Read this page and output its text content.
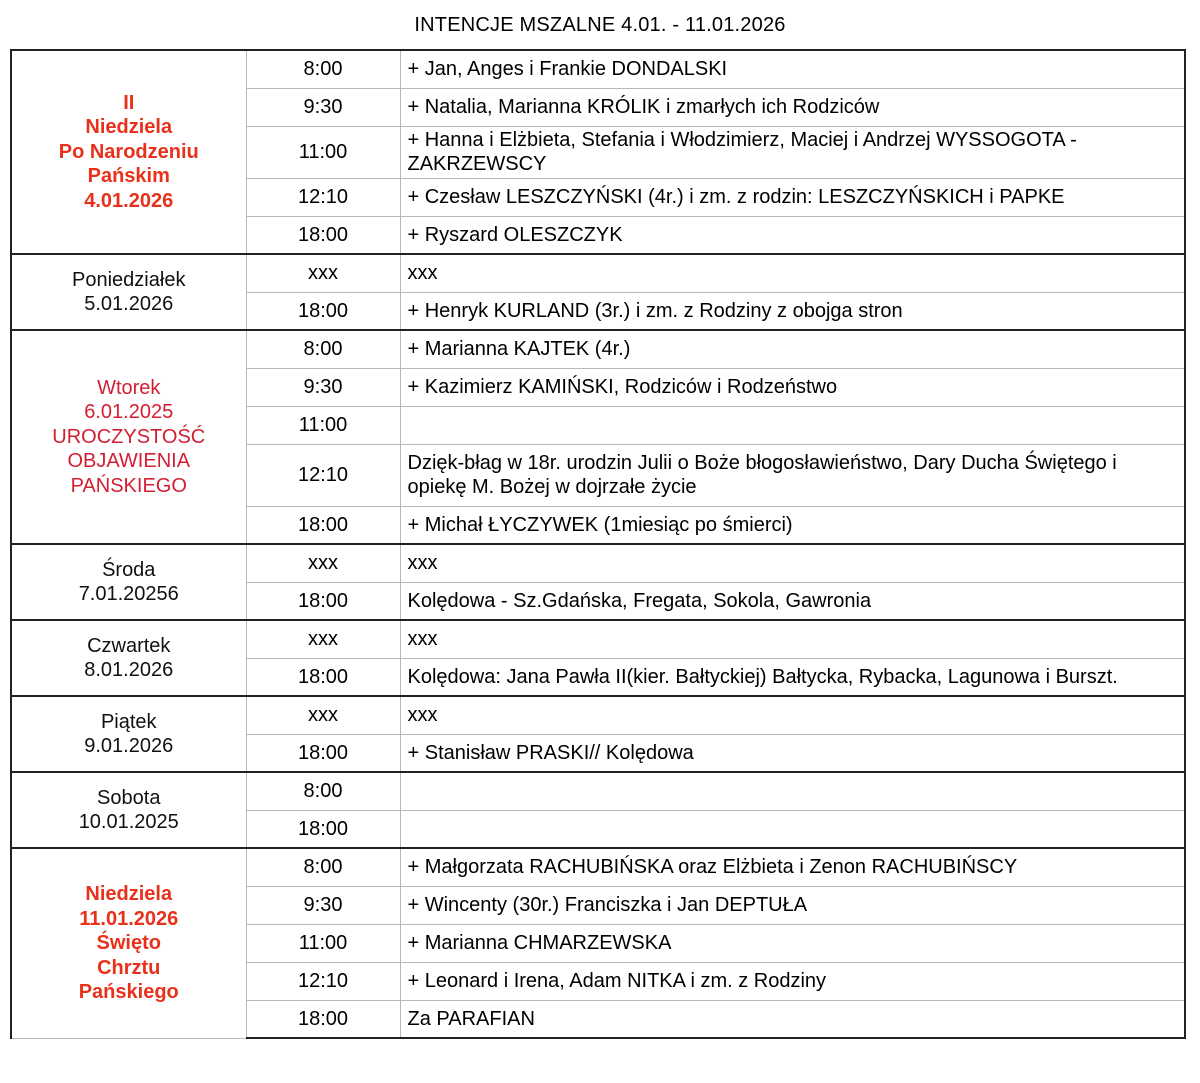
INTENCJE MSZALNE 4.01. - 11.01.2026
II
Niedziela
Po Narodzeniu
Pańskim
4.01.2026	8:00	+ Jan, Anges i Frankie DONDALSKI
	9:30	+ Natalia, Marianna KRÓLIK i zmarłych ich Rodziców
	11:00	+ Hanna i Elżbieta, Stefania i Włodzimierz, Maciej i Andrzej WYSSOGOTA - ZAKRZEWSCY
	12:10	+ Czesław LESZCZYŃSKI (4r.) i zm. z rodzin: LESZCZYŃSKICH i PAPKE
	18:00	+ Ryszard OLESZCZYK

Poniedziałek
5.01.2026	xxx	xxx
	18:00	+ Henryk KURLAND (3r.) i zm. z Rodziny z obojga stron

Wtorek
6.01.2025
UROCZYSTOŚĆ
OBJAWIENIA
PAŃSKIEGO	8:00	+ Marianna KAJTEK (4r.)
	9:30	+ Kazimierz KAMIŃSKI, Rodziców i Rodzeństwo
	11:00	
	12:10	Dzięk-błag w 18r. urodzin Julii o Boże błogosławieństwo, Dary Ducha Świętego i opiekę M. Bożej w dojrzałe życie
	18:00	+ Michał ŁYCZYWEK (1miesiąc po śmierci)

Środa
7.01.20256	xxx	xxx
	18:00	Kolędowa - Sz.Gdańska, Fregata, Sokola, Gawronia

Czwartek
8.01.2026	xxx	xxx
	18:00	Kolędowa: Jana Pawła II(kier. Bałtyckiej) Bałtycka, Rybacka, Lagunowa i Burszt.

Piątek
9.01.2026	xxx	xxx
	18:00	+ Stanisław PRASKI// Kolędowa

Sobota
10.01.2025	8:00	
	18:00	

Niedziela
11.01.2026
Święto
Chrztu
Pańskiego	8:00	+ Małgorzata RACHUBIŃSKA oraz Elżbieta i Zenon RACHUBIŃSCY
	9:30	+ Wincenty (30r.) Franciszka i Jan DEPTUŁA
	11:00	+ Marianna CHMARZEWSKA
	12:10	+ Leonard i Irena, Adam NITKA i zm. z Rodziny
	18:00	Za PARAFIAN
